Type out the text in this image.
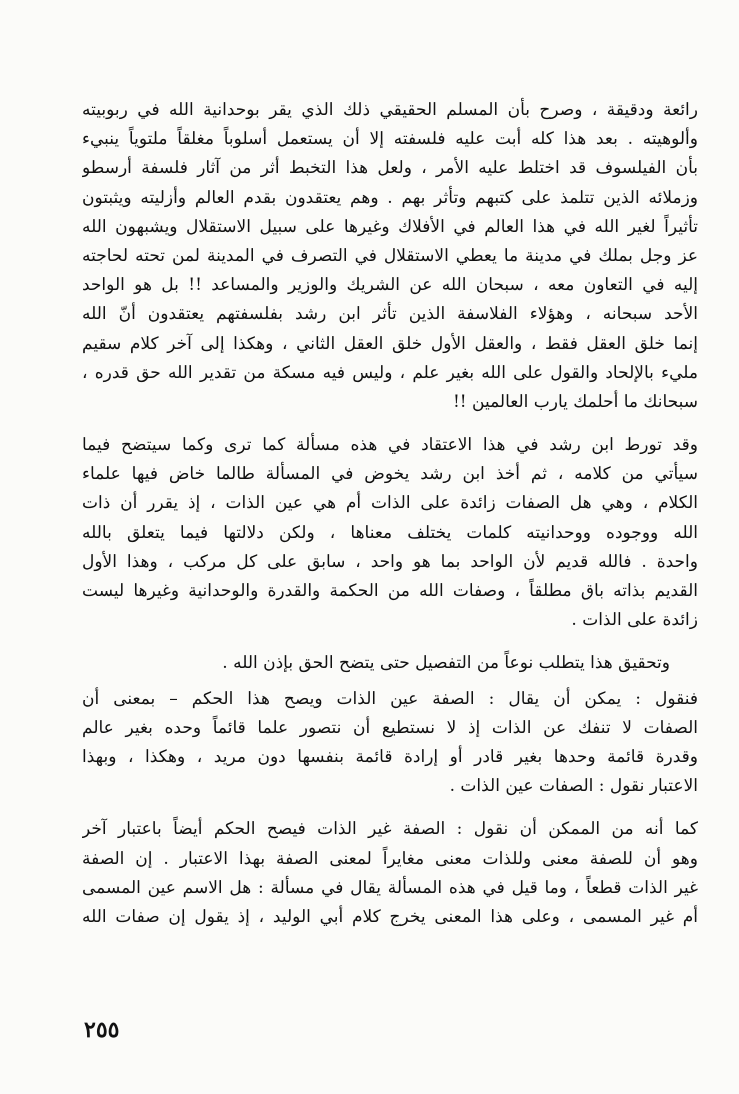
رائعة ودقيقة ، وصرح بأن المسلم الحقيقي ذلك الذي يقر بوحدانية الله في ربوبيته
وألوهيته . بعد هذا كله أبت عليه فلسفته إلا أن يستعمل أسلوباً مغلقاً ملتوياً ينبيء
بأن الفيلسوف قد اختلط عليه الأمر ، ولعل هذا التخبط أثر من آثار فلسفة أرسطو
وزملائه الذين تتلمذ على كتبهم وتأثر بهم . وهم يعتقدون بقدم العالم وأزليته ويثبتون
تأثيراً لغير الله في هذا العالم في الأفلاك وغيرها على سبيل الاستقلال ويشبهون الله
عز وجل بملك في مدينة ما يعطي الاستقلال في التصرف في المدينة لمن تحته لحاجته
إليه في التعاون معه ، سبحان الله عن الشريك والوزير والمساعد !! بل هو الواحد
الأحد سبحانه ، وهؤلاء الفلاسفة الذين تأثر ابن رشد بفلسفتهم يعتقدون أنّ الله
إنما خلق العقل فقط ، والعقل الأول خلق العقل الثاني ، وهكذا إلى آخر كلام سقيم
مليء بالإلحاد والقول على الله بغير علم ، وليس فيه مسكة من تقدير الله حق قدره ،
سبحانك ما أحلمك يارب العالمين !!
وقد تورط ابن رشد في هذا الاعتقاد في هذه مسألة كما ترى وكما سيتضح فيما
سيأتي من كلامه ، ثم أخذ ابن رشد يخوض في المسألة طالما خاض فيها علماء
الكلام ، وهي هل الصفات زائدة على الذات أم هي عين الذات ، إذ يقرر أن ذات
الله ووجوده ووحدانيته كلمات يختلف معناها ، ولكن دلالتها فيما يتعلق بالله
واحدة . فالله قديم لأن الواحد بما هو واحد ، سابق على كل مركب ، وهذا الأول
القديم بذاته باق مطلقاً ، وصفات الله من الحكمة والقدرة والوحدانية وغيرها ليست
زائدة على الذات .
وتحقيق هذا يتطلب نوعاً من التفصيل حتى يتضح الحق بإذن الله .
فنقول : يمكن أن يقال : الصفة عين الذات ويصح هذا الحكم – بمعنى أن
الصفات لا تنفك عن الذات إذ لا نستطيع أن نتصور علما قائماً وحده بغير عالم
وقدرة قائمة وحدها بغير قادر أو إرادة قائمة بنفسها دون مريد ، وهكذا ، وبهذا
الاعتبار نقول : الصفات عين الذات .
كما أنه من الممكن أن نقول : الصفة غير الذات فيصح الحكم أيضاً باعتبار آخر
وهو أن للصفة معنى وللذات معنى مغايراً لمعنى الصفة بهذا الاعتبار . إن الصفة
غير الذات قطعاً ، وما قيل في هذه المسألة يقال في مسألة : هل الاسم عين المسمى
أم غير المسمى ، وعلى هذا المعنى يخرج كلام أبي الوليد ، إذ يقول إن صفات الله
٢٥٥
